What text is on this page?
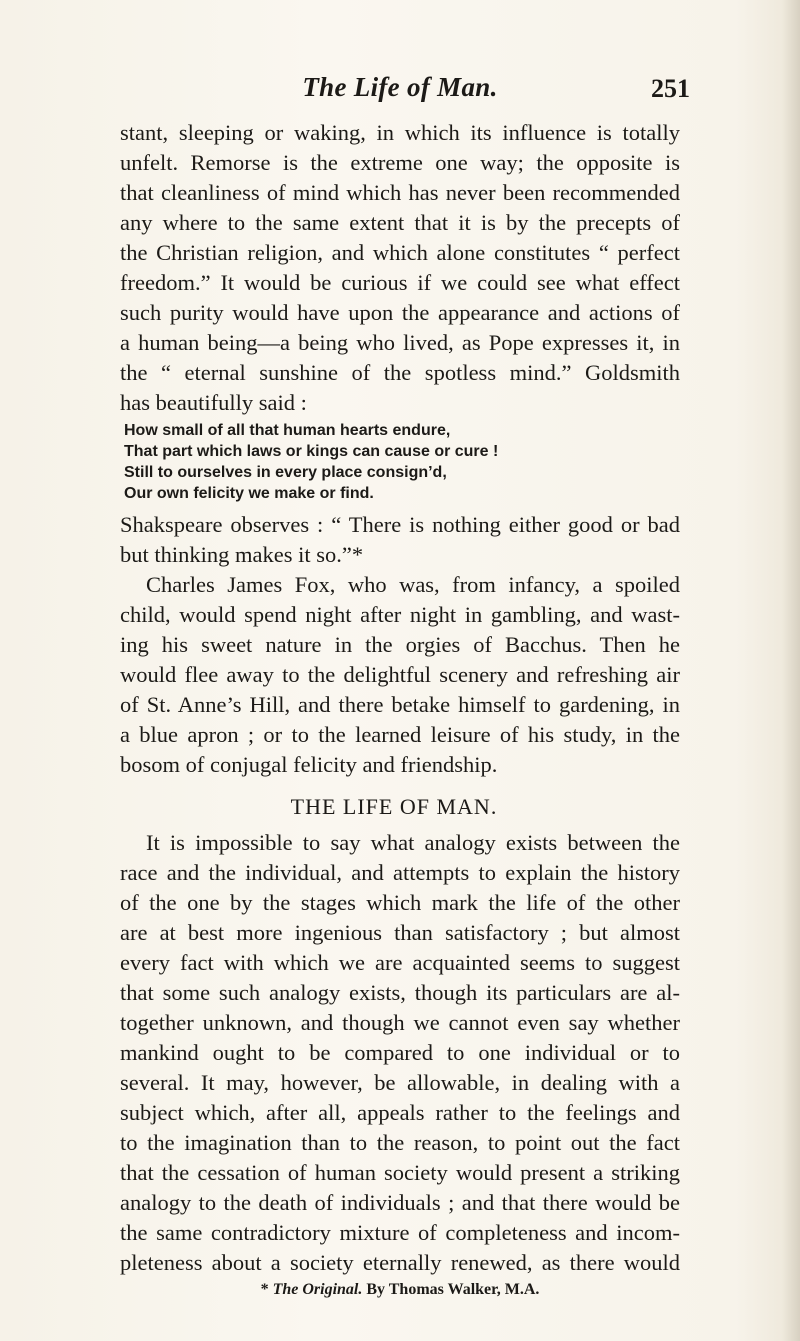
The Life of Man.	251
stant, sleeping or waking, in which its influence is totally
unfelt. Remorse is the extreme one way; the opposite is
that cleanliness of mind which has never been recommended
any where to the same extent that it is by the precepts of
the Christian religion, and which alone constitutes “ perfect
freedom.” It would be curious if we could see what effect
such purity would have upon the appearance and actions of
a human being—a being who lived, as Pope expresses it, in
the “ eternal sunshine of the spotless mind.” Goldsmith
has beautifully said :
How small of all that human hearts endure,
That part which laws or kings can cause or cure !
Still to ourselves in every place consign’d,
Our own felicity we make or find.
Shakspeare observes : “ There is nothing either good or bad
but thinking makes it so.”*
Charles James Fox, who was, from infancy, a spoiled
child, would spend night after night in gambling, and wast-
ing his sweet nature in the orgies of Bacchus. Then he
would flee away to the delightful scenery and refreshing air
of St. Anne’s Hill, and there betake himself to gardening, in
a blue apron ; or to the learned leisure of his study, in the
bosom of conjugal felicity and friendship.
THE LIFE OF MAN.
It is impossible to say what analogy exists between the
race and the individual, and attempts to explain the history
of the one by the stages which mark the life of the other
are at best more ingenious than satisfactory ; but almost
every fact with which we are acquainted seems to suggest
that some such analogy exists, though its particulars are al-
together unknown, and though we cannot even say whether
mankind ought to be compared to one individual or to
several. It may, however, be allowable, in dealing with a
subject which, after all, appeals rather to the feelings and
to the imagination than to the reason, to point out the fact
that the cessation of human society would present a striking
analogy to the death of individuals ; and that there would be
the same contradictory mixture of completeness and incom-
pleteness about a society eternally renewed, as there would
* The Original. By Thomas Walker, M.A.
